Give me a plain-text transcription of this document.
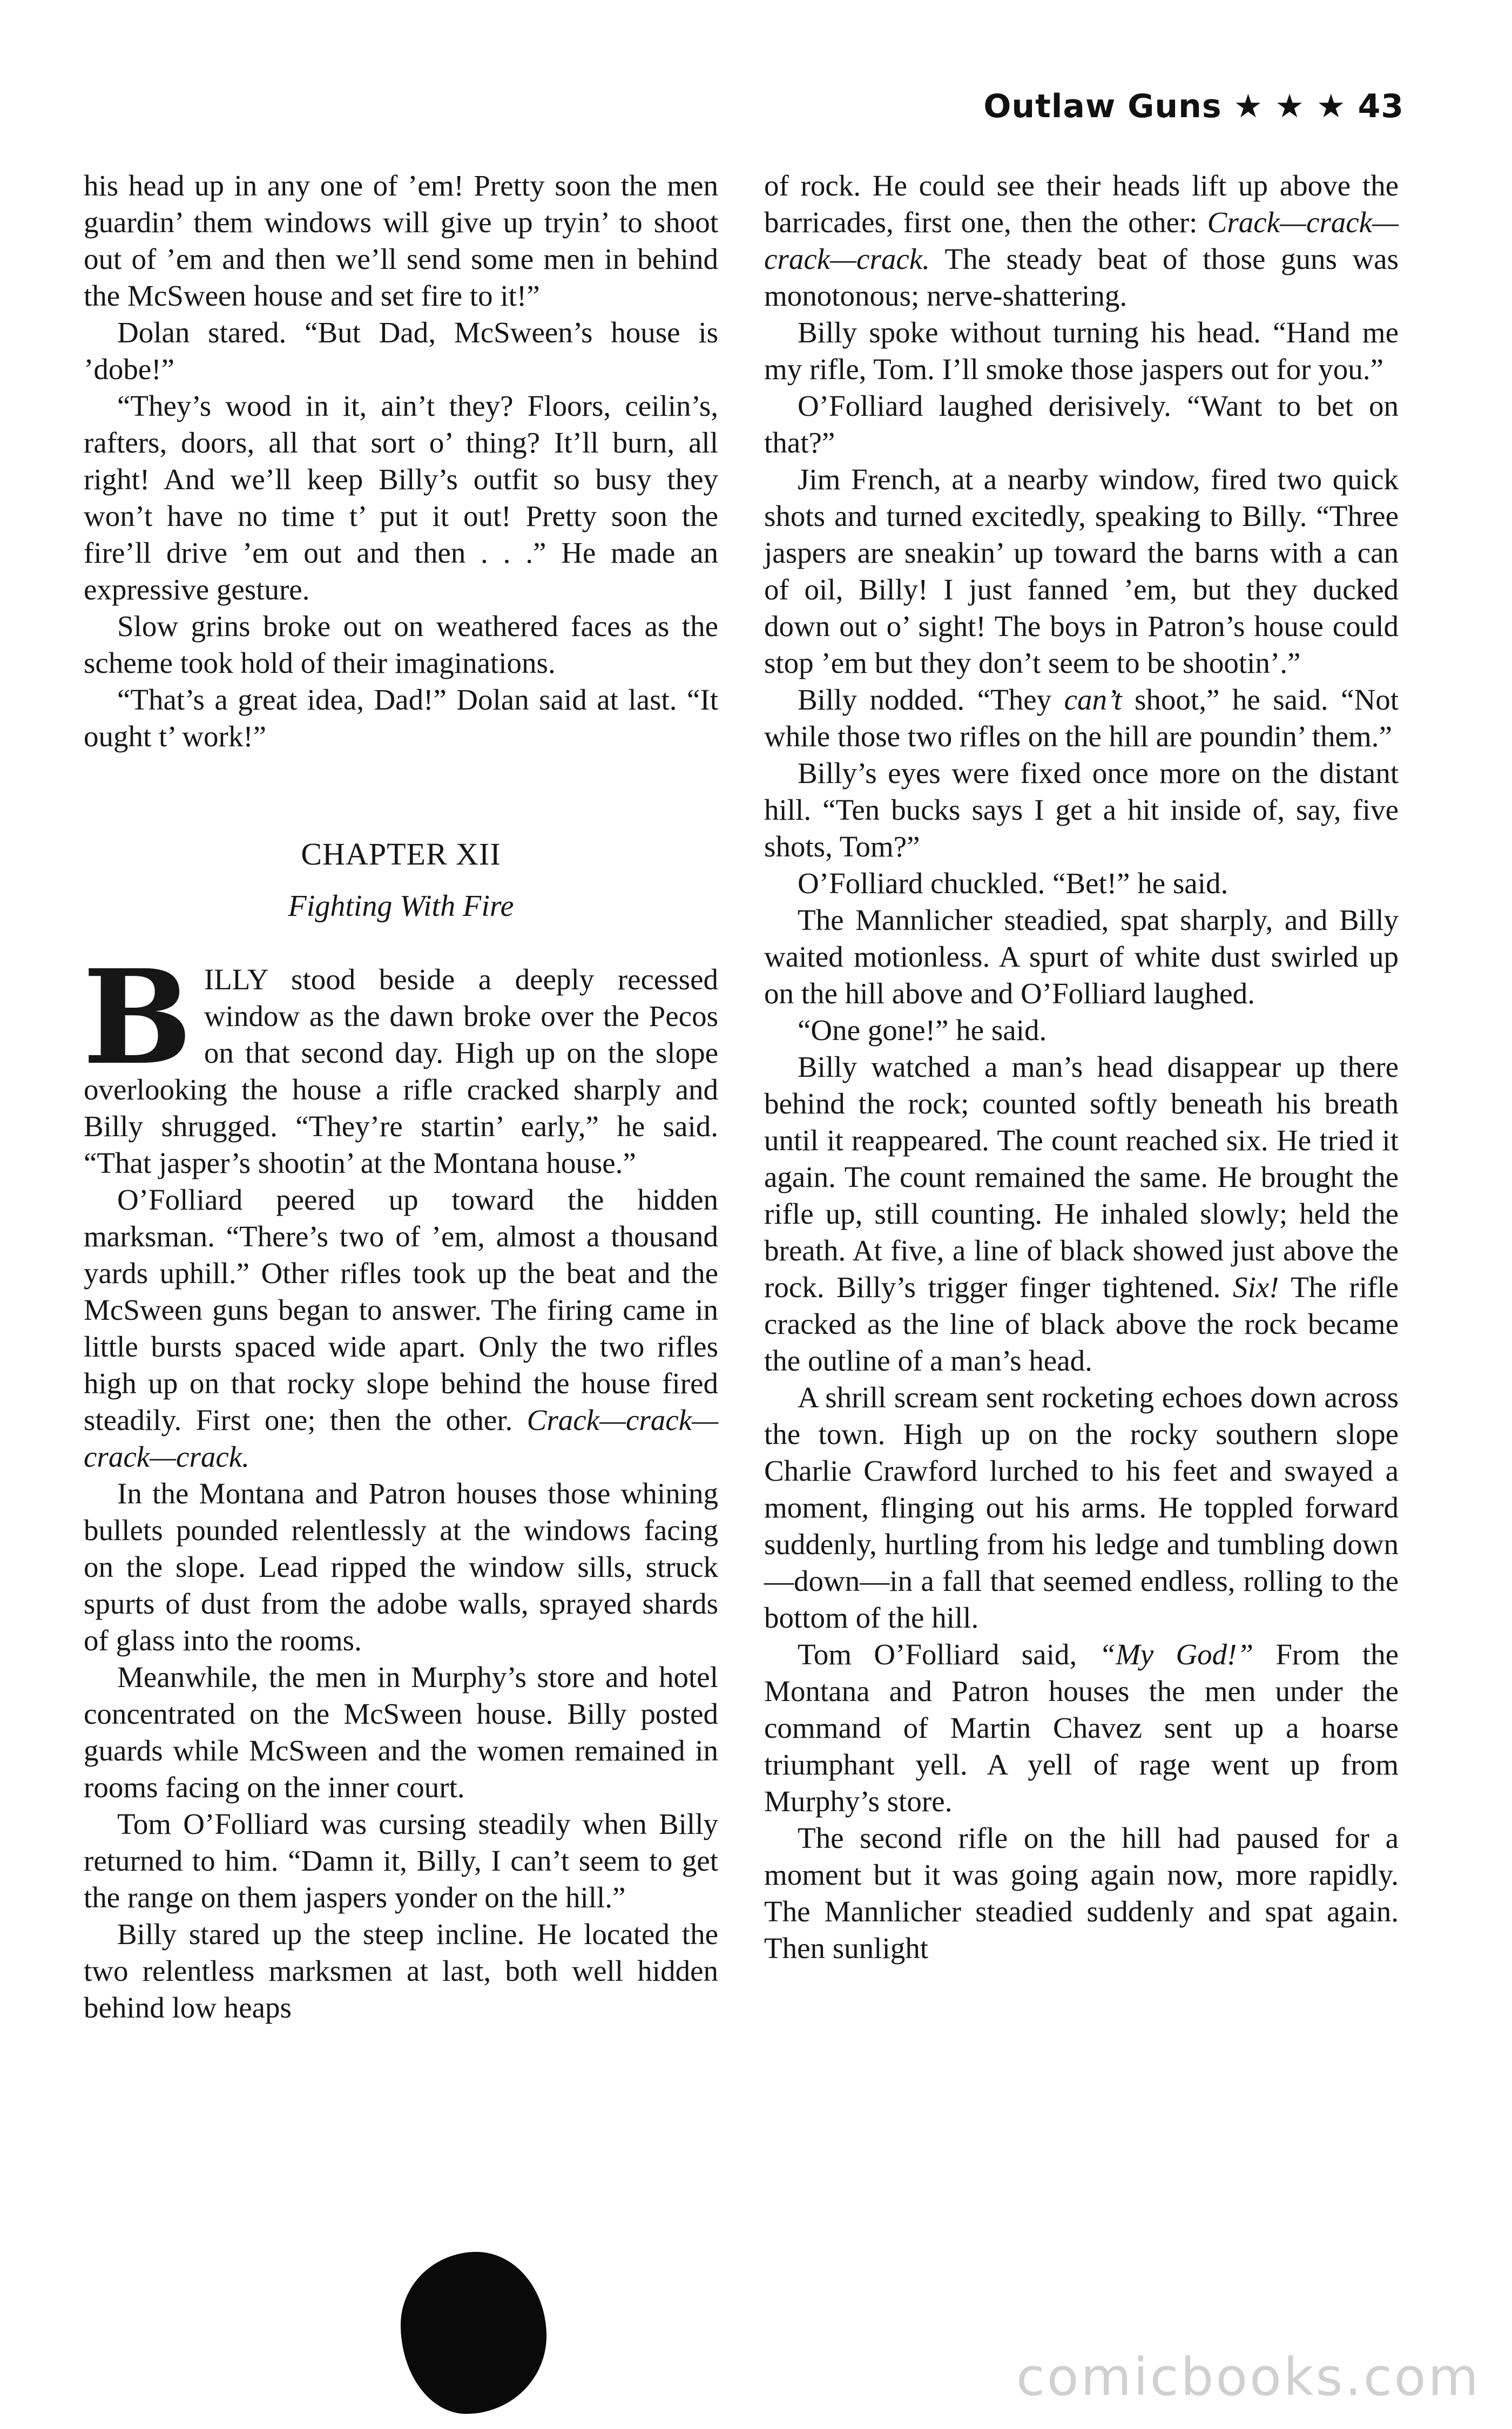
Outlaw Guns ★ ★ ★ 43

his head up in any one of ’em! Pretty soon the men guardin’ them windows will give up tryin’ to shoot out of ’em and then we’ll send some men in behind the McSween house and set fire to it!”

Dolan stared. “But Dad, McSween’s house is ’dobe!”

“They’s wood in it, ain’t they? Floors, ceilin’s, rafters, doors, all that sort o’ thing? It’ll burn, all right! And we’ll keep Billy’s outfit so busy they won’t have no time t’ put it out! Pretty soon the fire’ll drive ’em out and then . . .” He made an expressive gesture.

Slow grins broke out on weathered faces as the scheme took hold of their imaginations.

“That’s a great idea, Dad!” Dolan said at last. “It ought t’ work!”

CHAPTER XII
Fighting With Fire

BILLY stood beside a deeply recessed window as the dawn broke over the Pecos on that second day. High up on the slope overlooking the house a rifle cracked sharply and Billy shrugged. “They’re startin’ early,” he said. “That jasper’s shootin’ at the Montana house.”

O’Folliard peered up toward the hidden marksman. “There’s two of ’em, almost a thousand yards uphill.” Other rifles took up the beat and the McSween guns began to answer. The firing came in little bursts spaced wide apart. Only the two rifles high up on that rocky slope behind the house fired steadily. First one; then the other. Crack—crack—crack—crack.

In the Montana and Patron houses those whining bullets pounded relentlessly at the windows facing on the slope. Lead ripped the window sills, struck spurts of dust from the adobe walls, sprayed shards of glass into the rooms.

Meanwhile, the men in Murphy’s store and hotel concentrated on the McSween house. Billy posted guards while McSween and the women remained in rooms facing on the inner court.

Tom O’Folliard was cursing steadily when Billy returned to him. “Damn it, Billy, I can’t seem to get the range on them jaspers yonder on the hill.”

Billy stared up the steep incline. He located the two relentless marksmen at last, both well hidden behind low heaps

of rock. He could see their heads lift up above the barricades, first one, then the other: Crack—crack—crack—crack. The steady beat of those guns was monotonous; nerve-shattering.

Billy spoke without turning his head. “Hand me my rifle, Tom. I’ll smoke those jaspers out for you.”

O’Folliard laughed derisively. “Want to bet on that?”

Jim French, at a nearby window, fired two quick shots and turned excitedly, speaking to Billy. “Three jaspers are sneakin’ up toward the barns with a can of oil, Billy! I just fanned ’em, but they ducked down out o’ sight! The boys in Patron’s house could stop ’em but they don’t seem to be shootin’.”

Billy nodded. “They can’t shoot,” he said. “Not while those two rifles on the hill are poundin’ them.”

Billy’s eyes were fixed once more on the distant hill. “Ten bucks says I get a hit inside of, say, five shots, Tom?”

O’Folliard chuckled. “Bet!” he said.

The Mannlicher steadied, spat sharply, and Billy waited motionless. A spurt of white dust swirled up on the hill above and O’Folliard laughed.

“One gone!” he said.

Billy watched a man’s head disappear up there behind the rock; counted softly beneath his breath until it reappeared. The count reached six. He tried it again. The count remained the same. He brought the rifle up, still counting. He inhaled slowly; held the breath. At five, a line of black showed just above the rock. Billy’s trigger finger tightened. Six! The rifle cracked as the line of black above the rock became the outline of a man’s head.

A shrill scream sent rocketing echoes down across the town. High up on the rocky southern slope Charlie Crawford lurched to his feet and swayed a moment, flinging out his arms. He toppled forward suddenly, hurtling from his ledge and tumbling down—down—in a fall that seemed endless, rolling to the bottom of the hill.

Tom O’Folliard said, “My God!” From the Montana and Patron houses the men under the command of Martin Chavez sent up a hoarse triumphant yell. A yell of rage went up from Murphy’s store.

The second rifle on the hill had paused for a moment but it was going again now, more rapidly. The Mannlicher steadied suddenly and spat again. Then sunlight

comicbooks.com
